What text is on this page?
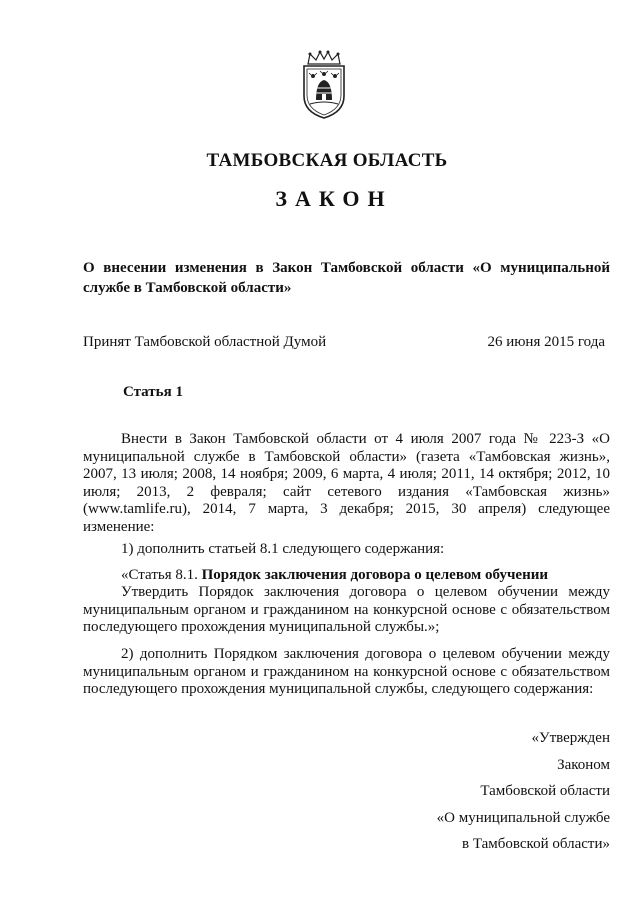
ТАМБОВСКАЯ ОБЛАСТЬ
ЗАКОН
О внесении изменения в Закон Тамбовской области «О муниципальной службе в Тамбовской области»
Принят Тамбовской областной Думой	26 июня 2015 года
Статья 1

Внести в Закон Тамбовской области от 4 июля 2007 года № 223-З «О муниципальной службе в Тамбовской области» (газета «Тамбовская жизнь», 2007, 13 июля; 2008, 14 ноября; 2009, 6 марта, 4 июля; 2011, 14 октября; 2012, 10 июля; 2013, 2 февраля; сайт сетевого издания «Тамбовская жизнь» (www.tamlife.ru), 2014, 7 марта, 3 декабря; 2015, 30 апреля) следующее изменение:

1) дополнить статьей 8.1 следующего содержания:

«Статья 8.1. Порядок заключения договора о целевом обучении

Утвердить Порядок заключения договора о целевом обучении между муниципальным органом и гражданином на конкурсной основе с обязательством последующего прохождения муниципальной службы.»;

2) дополнить Порядком заключения договора о целевом обучении между муниципальным органом и гражданином на конкурсной основе с обязательством последующего прохождения муниципальной службы, следующего содержания:

«Утвержден
Законом
Тамбовской области
«О муниципальной службе
в Тамбовской области»
